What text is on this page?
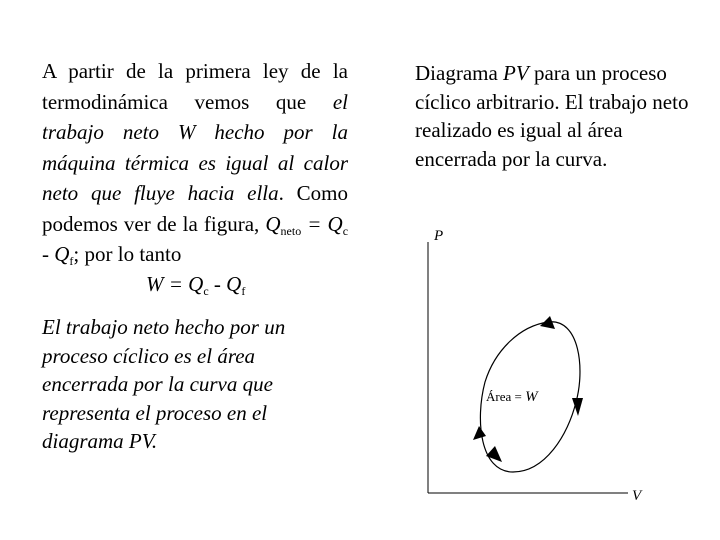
A partir de la primera ley de la termodinámica vemos que el trabajo neto W hecho por la máquina térmica es igual al calor neto que fluye hacia ella. Como podemos ver de la figura, $Q_{neto} = Q_c - Q_f$; por lo tanto

$W = Q_c - Q_f$

El trabajo neto hecho por un proceso cíclico es el área encerrada por la curva que representa el proceso en el diagrama PV.

Diagrama PV para un proceso cíclico arbitrario. El trabajo neto realizado es igual al área encerrada por la curva.

P
V
Área = W
